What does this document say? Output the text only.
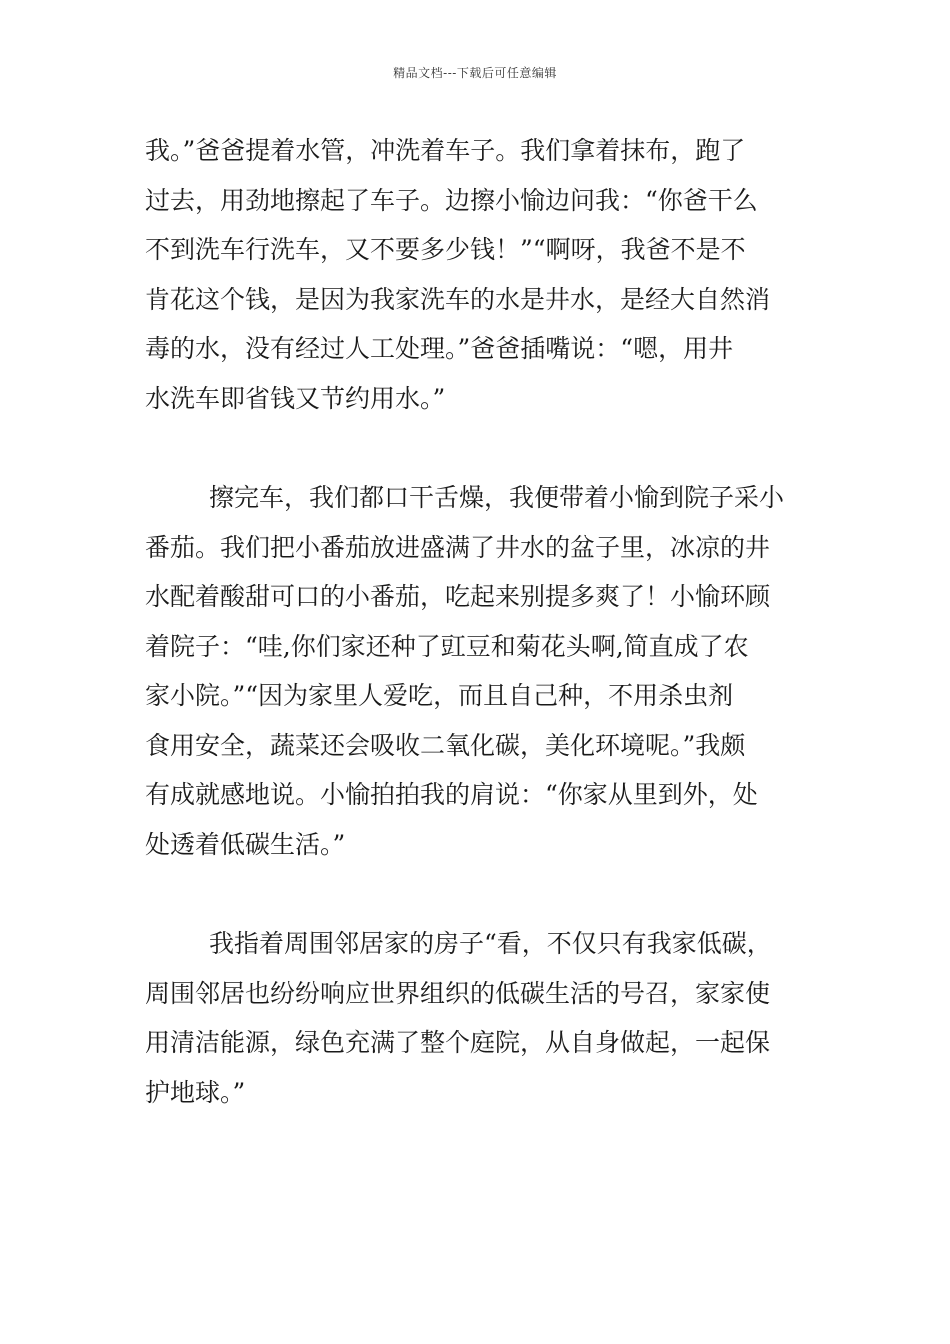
精品文档---下载后可任意编辑
我。”爸爸提着水管，冲洗着车子。我们拿着抹布，跑了
过去，用劲地擦起了车子。边擦小愉边问我：“你爸干么
不到洗车行洗车，又不要多少钱！”“啊呀，我爸不是不
肯花这个钱，是因为我家洗车的水是井水，是经大自然消
毒的水，没有经过人工处理。”爸爸插嘴说：“嗯，用井
水洗车即省钱又节约用水。”
擦完车，我们都口干舌燥，我便带着小愉到院子采小
番茄。我们把小番茄放进盛满了井水的盆子里，冰凉的井
水配着酸甜可口的小番茄，吃起来别提多爽了！小愉环顾
着院子：“哇,你们家还种了豇豆和菊花头啊,简直成了农
家小院。”“因为家里人爱吃，而且自己种，不用杀虫剂
食用安全，蔬菜还会吸收二氧化碳，美化环境呢。”我颇
有成就感地说。小愉拍拍我的肩说：“你家从里到外，处
处透着低碳生活。”
我指着周围邻居家的房子“看，不仅只有我家低碳，
周围邻居也纷纷响应世界组织的低碳生活的号召，家家使
用清洁能源，绿色充满了整个庭院，从自身做起，一起保
护地球。”
